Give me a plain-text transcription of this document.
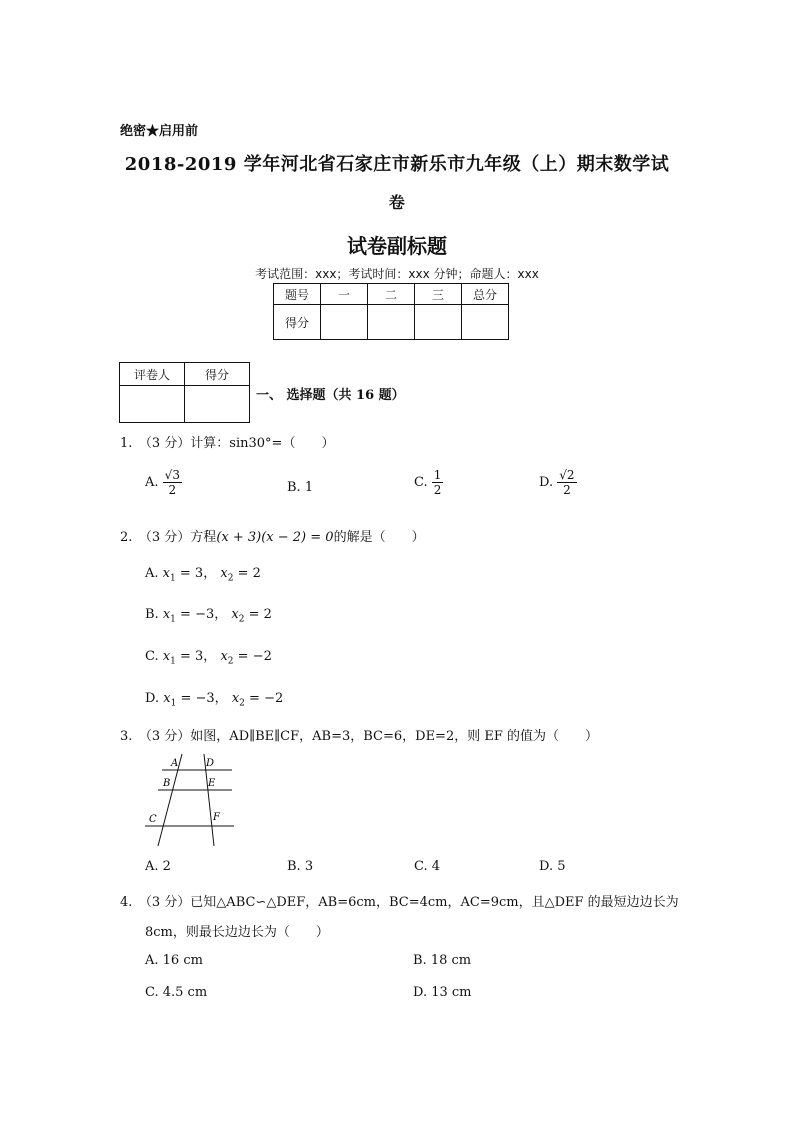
绝密★启用前
2018-2019 学年河北省石家庄市新乐市九年级（上）期末数学试
卷
试卷副标题
考试范围：xxx；考试时间：xxx 分钟；命题人：xxx
题号	一	二	三	总分
得分				
评卷人	得分

一、 选择题（共 16 题）
1.　（3 分）计算：sin30°=（　　）
A. $\frac{√3}{2}$	B. 1	C. $\frac{1}{2}$	D. $\frac{√2}{2}$
2.　（3 分）方程(x + 3)(x − 2) = 0的解是（　　）
A. $x_1 = 3$， $x_2 = 2$
B. $x_1 = -3$， $x_2 = 2$
C. $x_1 = 3$， $x_2 = -2$
D. $x_1 = -3$， $x_2 = -2$
3.　（3 分）如图，AD∥BE∥CF，AB=3，BC=6，DE=2，则 EF 的值为（　　）
A	D
B	E
C	F
A. 2	B. 3	C. 4	D. 5
4.　（3 分）已知△ABC∽△DEF，AB=6cm，BC=4cm，AC=9cm，且△DEF 的最短边边长为
8cm，则最长边边长为（　　）
A. 16 cm	B. 18 cm
C. 4.5 cm	D. 13 cm
